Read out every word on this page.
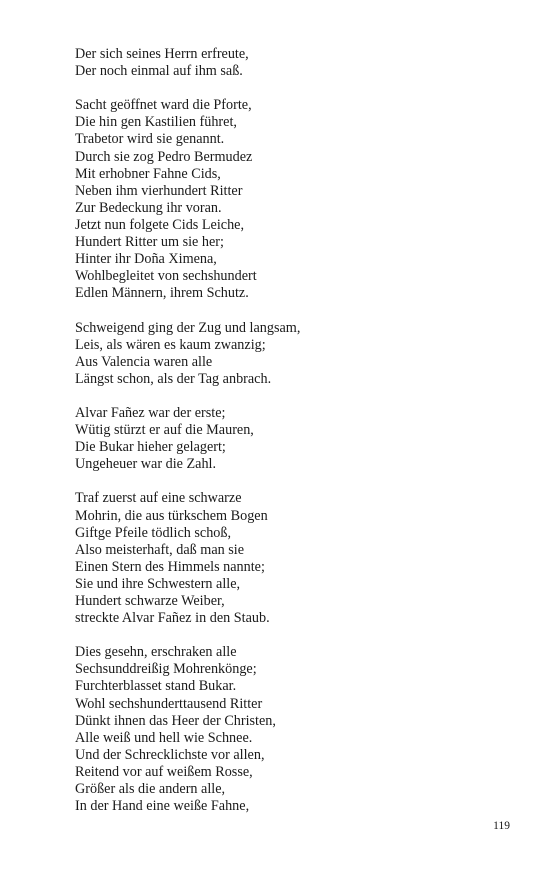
Der sich seines Herrn erfreute,
Der noch einmal auf ihm saß.
Sacht geöffnet ward die Pforte,
Die hin gen Kastilien führet,
Trabetor wird sie genannt.
Durch sie zog Pedro Bermudez
Mit erhobner Fahne Cids,
Neben ihm vierhundert Ritter
Zur Bedeckung ihr voran.
Jetzt nun folgete Cids Leiche,
Hundert Ritter um sie her;
Hinter ihr Doña Ximena,
Wohlbegleitet von sechshundert
Edlen Männern, ihrem Schutz.
Schweigend ging der Zug und langsam,
Leis, als wären es kaum zwanzig;
Aus Valencia waren alle
Längst schon, als der Tag anbrach.
Alvar Fañez war der erste;
Wütig stürzt er auf die Mauren,
Die Bukar hieher gelagert;
Ungeheuer war die Zahl.
Traf zuerst auf eine schwarze
Mohrin, die aus türkschem Bogen
Giftge Pfeile tödlich schoß,
Also meisterhaft, daß man sie
Einen Stern des Himmels nannte;
Sie und ihre Schwestern alle,
Hundert schwarze Weiber,
streckte Alvar Fañez in den Staub.
Dies gesehn, erschraken alle
Sechsunddreißig Mohrenkönge;
Furchterblasset stand Bukar.
Wohl sechshunderttausend Ritter
Dünkt ihnen das Heer der Christen,
Alle weiß und hell wie Schnee.
Und der Schrecklichste vor allen,
Reitend vor auf weißem Rosse,
Größer als die andern alle,
In der Hand eine weiße Fahne,
119
